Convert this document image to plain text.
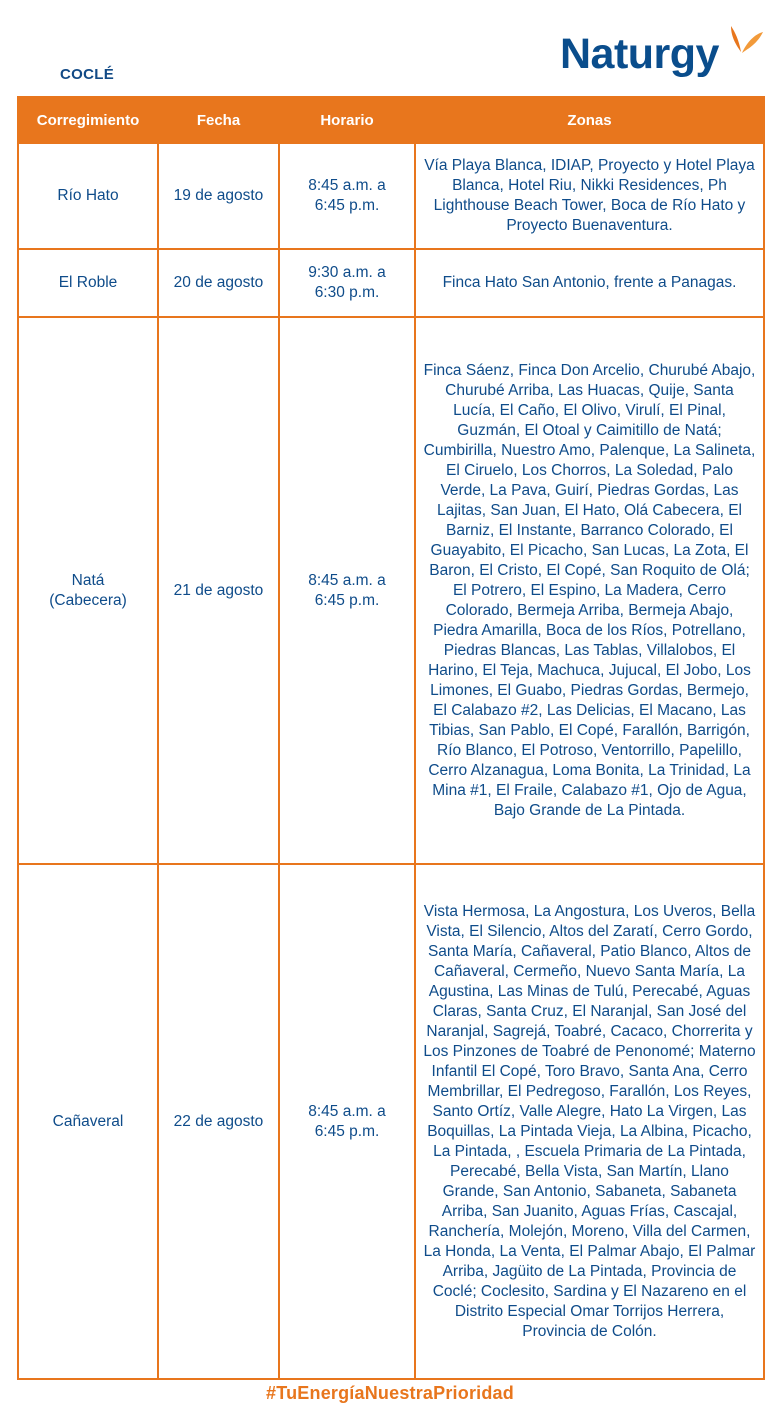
COCLÉ	Naturgy
Corregimiento	Fecha	Horario	Zonas
Río Hato	19 de agosto	8:45 a.m. a 6:45 p.m.	Vía Playa Blanca, IDIAP, Proyecto y Hotel Playa Blanca, Hotel Riu, Nikki Residences, Ph Lighthouse Beach Tower, Boca de Río Hato y Proyecto Buenaventura.
El Roble	20 de agosto	9:30 a.m. a 6:30 p.m.	Finca Hato San Antonio, frente a Panagas.
Natá (Cabecera)	21 de agosto	8:45 a.m. a 6:45 p.m.	Finca Sáenz, Finca Don Arcelio, Churubé Abajo, Churubé Arriba, Las Huacas, Quije, Santa Lucía, El Caño, El Olivo, Virulí, El Pinal, Guzmán, El Otoal y Caimitillo de Natá; Cumbirilla, Nuestro Amo, Palenque, La Salineta, El Ciruelo, Los Chorros, La Soledad, Palo Verde, La Pava, Guirí, Piedras Gordas, Las Lajitas, San Juan, El Hato, Olá Cabecera, El Barniz, El Instante, Barranco Colorado, El Guayabito, El Picacho, San Lucas, La Zota, El Baron, El Cristo, El Copé, San Roquito de Olá; El Potrero, El Espino, La Madera, Cerro Colorado, Bermeja Arriba, Bermeja Abajo, Piedra Amarilla, Boca de los Ríos, Potrellano, Piedras Blancas, Las Tablas, Villalobos, El Harino, El Teja, Machuca, Jujucal, El Jobo, Los Limones, El Guabo, Piedras Gordas, Bermejo, El Calabazo #2, Las Delicias, El Macano, Las Tibias, San Pablo, El Copé, Farallón, Barrigón, Río Blanco, El Potroso, Ventorrillo, Papelillo, Cerro Alzanagua, Loma Bonita, La Trinidad, La Mina #1, El Fraile, Calabazo #1, Ojo de Agua, Bajo Grande de La Pintada.
Cañaveral	22 de agosto	8:45 a.m. a 6:45 p.m.	Vista Hermosa, La Angostura, Los Uveros, Bella Vista, El Silencio, Altos del Zaratí, Cerro Gordo, Santa María, Cañaveral, Patio Blanco, Altos de Cañaveral, Cermeño, Nuevo Santa María, La Agustina, Las Minas de Tulú, Perecabé, Aguas Claras, Santa Cruz, El Naranjal, San José del Naranjal, Sagrejá, Toabré, Cacaco, Chorrerita y Los Pinzones de Toabré de Penonomé; Materno Infantil El Copé, Toro Bravo, Santa Ana, Cerro Membrillar, El Pedregoso, Farallón, Los Reyes, Santo Ortíz, Valle Alegre, Hato La Virgen, Las Boquillas, La Pintada Vieja, La Albina, Picacho, La Pintada, , Escuela Primaria de La Pintada, Perecabé, Bella Vista, San Martín, Llano Grande, San Antonio, Sabaneta, Sabaneta Arriba, San Juanito, Aguas Frías, Cascajal, Ranchería, Molejón, Moreno, Villa del Carmen, La Honda, La Venta, El Palmar Abajo, El Palmar Arriba, Jagüito de La Pintada, Provincia de Coclé; Coclesito, Sardina y El Nazareno en el Distrito Especial Omar Torrijos Herrera, Provincia de Colón.
#TuEnergíaNuestraPrioridad
